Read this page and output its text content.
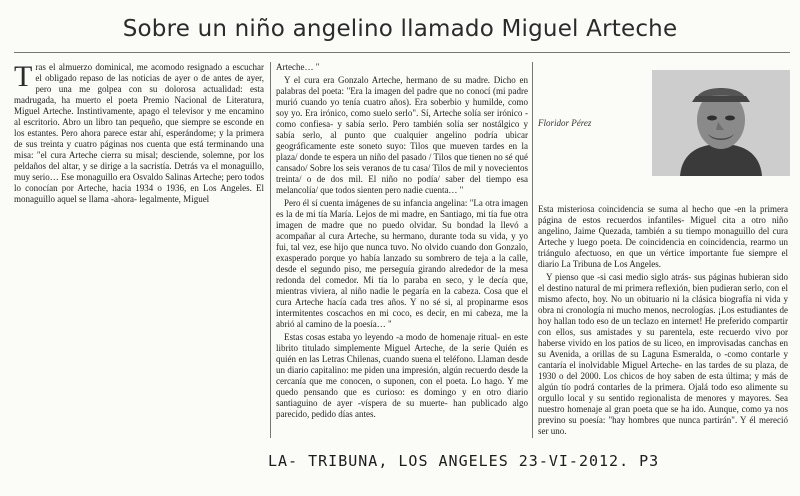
Sobre un niño angelino llamado Miguel Arteche

Tras el almuerzo dominical, me acomodo resignado a escuchar el obligado repaso de las noticias de ayer o de antes de ayer, pero una me golpea con su dolorosa actualidad: esta madrugada, ha muerto el poeta Premio Nacional de Literatura, Miguel Arteche. Instintivamente, apago el televisor y me encamino al escritorio. Abro un libro tan pequeño, que siempre se esconde en los estantes. Pero ahora parece estar ahí, esperándome; y la primera de sus treinta y cuatro páginas nos cuenta que está terminando una misa: "el cura Arteche cierra su misal; desciende, solemne, por los peldaños del altar, y se dirige a la sacristía. Detrás va el monaguillo, muy serio… Ese monaguillo era Osvaldo Salinas Arteche; pero todos lo conocían por Arteche, hacia 1934 o 1936, en Los Angeles. El monaguillo aquel se llama -ahora- legalmente, Miguel

Arteche… "

Y el cura era Gonzalo Arteche, hermano de su madre. Dicho en palabras del poeta: "Era la imagen del padre que no conocí (mi padre murió cuando yo tenía cuatro años). Era soberbio y humilde, como soy yo. Era irónico, como suelo serlo". Sí, Arteche solía ser irónico -como confiesa- y sabía serlo. Pero también solía ser nostálgico y sabía serlo, al punto que cualquier angelino podría ubicar geográficamente este soneto suyo: Tilos que mueven tardes en la plaza/ donde te espera un niño del pasado / Tilos que tienen no sé qué cansado/ Sobre los seis veranos de tu casa/ Tilos de mil y novecientos treinta/ o de dos mil. El niño no podía/ saber del tiempo esa melancolía/ que todos sienten pero nadie cuenta… "

Pero él sí cuenta imágenes de su infancia angelina: "La otra imagen es la de mi tía María. Lejos de mi madre, en Santiago, mi tía fue otra imagen de madre que no puedo olvidar. Su bondad la llevó a acompañar al cura Arteche, su hermano, durante toda su vida, y yo fui, tal vez, ese hijo que nunca tuvo. No olvido cuando don Gonzalo, exasperado porque yo había lanzado su sombrero de teja a la calle, desde el segundo piso, me perseguía girando alrededor de la mesa redonda del comedor. Mi tía lo paraba en seco, y le decía que, mientras viviera, al niño nadie le pegaría en la cabeza. Cosa que el cura Arteche hacía cada tres años. Y no sé si, al propinarme esos intermitentes coscachos en mi coco, es decir, en mi cabeza, me la abrió al camino de la poesía… "

Estas cosas estaba yo leyendo -a modo de homenaje ritual- en este librito titulado simplemente Miguel Arteche, de la serie Quién es quién en las Letras Chilenas, cuando suena el teléfono. Llaman desde un diario capitalino: me piden una impresión, algún recuerdo desde la cercanía que me conocen, o suponen, con el poeta. Lo hago. Y me quedo pensando que es curioso: es domingo y en otro diario santiaguino de ayer -víspera de su muerte- han publicado algo parecido, pedido días antes.

Floridor Pérez

Esta misteriosa coincidencia se suma al hecho que -en la primera página de estos recuerdos infantiles- Miguel cita a otro niño angelino, Jaime Quezada, también a su tiempo monaguillo del cura Arteche y luego poeta. De coincidencia en coincidencia, rearmo un triángulo afectuoso, en que un vértice importante fue siempre el diario La Tribuna de Los Angeles.

Y pienso que -si casi medio siglo atrás- sus páginas hubieran sido el destino natural de mi primera reflexión, bien pudieran serlo, con el mismo afecto, hoy. No un obituario ni la clásica biografía ni vida y obra ni cronología ni mucho menos, necrologías. ¡Los estudiantes de hoy hallan todo eso de un teclazo en internet! He preferido compartir con ellos, sus amistades y su parentela, este recuerdo vivo por haberse vivido en los patios de su liceo, en improvisadas canchas en su Avenida, a orillas de su Laguna Esmeralda, o -como contarle y cantaría el inolvidable Miguel Arteche- en las tardes de su plaza, de 1930 o del 2000. Los chicos de hoy saben de esta última; y más de algún tío podrá contarles de la primera. Ojalá todo eso alimente su orgullo local y su sentido regionalista de menores y mayores. Sea nuestro homenaje al gran poeta que se ha ido. Aunque, como ya nos previno su poesía: "hay hombres que nunca partirán". Y él mereció ser uno.

LA- TRIBUNA, LOS ANGELES 23-VI-2012. P3
